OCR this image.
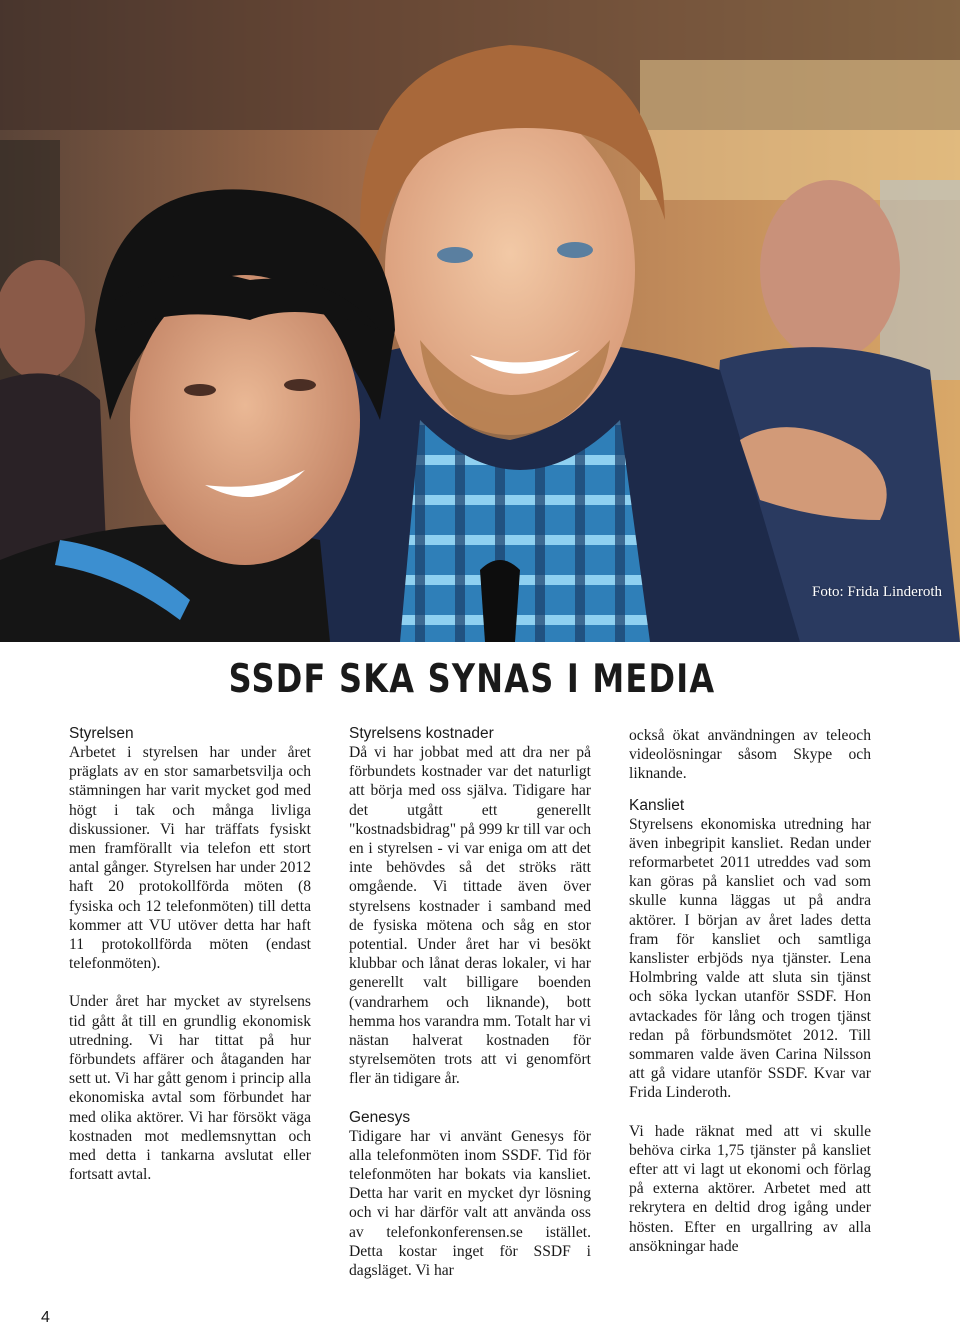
Foto: Frida Linderoth
SSDF SKA SYNAS I MEDIA
Styrelsen

Arbetet i styrelsen har under året präglats av en stor samarbetsvilja och stämningen har varit mycket god med högt i tak och många livliga diskussioner. Vi har träffats fysiskt men framförallt via telefon ett stort antal gånger. Styrelsen har under 2012 haft 20 protokollförda möten (8 fysiska och 12 telefonmöten) till detta kommer att VU utöver detta har haft 11 protokollförda möten (endast telefonmöten).

Under året har mycket av styrelsens tid gått åt till en grundlig ekonomisk utredning. Vi har tittat på hur förbundets affärer och åtaganden har sett ut. Vi har gått genom i princip alla ekonomiska avtal som förbundet har med olika aktörer. Vi har försökt väga kostnaden mot medlemsnyttan och med detta i tankarna avslutat eller fortsatt avtal.

Styrelsens kostnader

Då vi har jobbat med att dra ner på förbundets kostnader var det naturligt att börja med oss själva. Tidigare har det utgått ett generellt "kostnadsbidrag" på 999 kr till var och en i styrelsen - vi var eniga om att det inte behövdes så det ströks rätt omgående. Vi tittade även över styrelsens kostnader i samband med de fysiska mötena och såg en stor potential. Under året har vi besökt klubbar och lånat deras lokaler, vi har generellt valt billigare boenden (vandrarhem och liknande), bott hemma hos varandra mm. Totalt har vi nästan halverat kostnaden för styrelsemöten trots att vi genomfört fler än tidigare år.

Genesys

Tidigare har vi använt Genesys för alla telefonmöten inom SSDF. Tid för telefonmöten har bokats via kansliet. Detta har varit en mycket dyr lösning och vi har därför valt att använda oss av telefonkonferensen.se istället. Detta kostar inget för SSDF i dagsläget. Vi har

också ökat användningen av teleoch videolösningar såsom Skype och liknande.

Kansliet

Styrelsens ekonomiska utredning har även inbegripit kansliet. Redan under reformarbetet 2011 utreddes vad som kan göras på kansliet och vad som skulle kunna läggas ut på andra aktörer. I början av året lades detta fram för kansliet och samtliga kanslister erbjöds nya tjänster. Lena Holmbring valde att sluta sin tjänst och söka lyckan utanför SSDF. Hon avtackades för lång och trogen tjänst redan på förbundsmötet 2012. Till sommaren valde även Carina Nilsson att gå vidare utanför SSDF. Kvar var Frida Linderoth.

Vi hade räknat med att vi skulle behöva cirka 1,75 tjänster på kansliet efter att vi lagt ut ekonomi och förlag på externa aktörer. Arbetet med att rekrytera en deltid drog igång under hösten. Efter en urgallring av alla ansökningar hade

4
